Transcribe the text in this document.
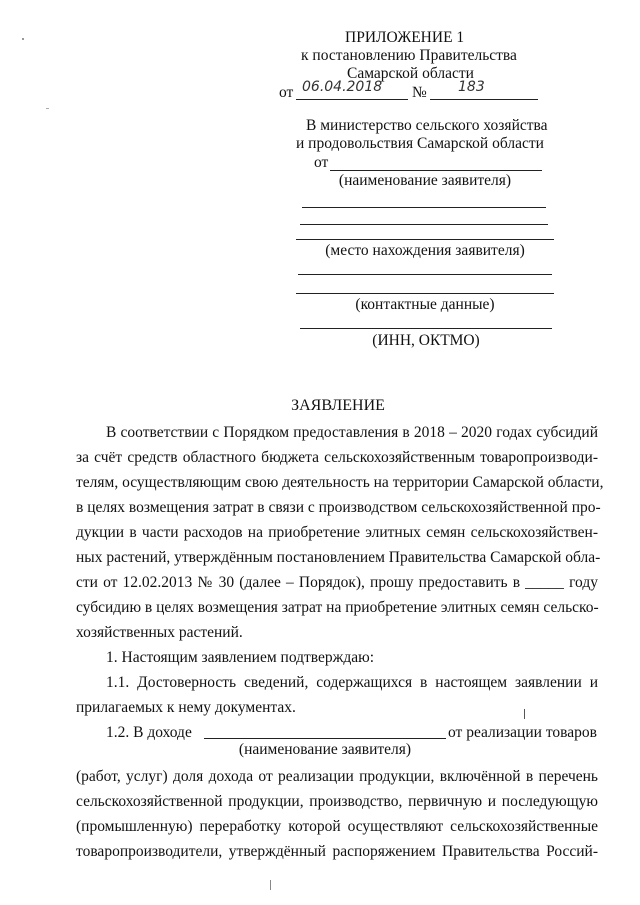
ПРИЛОЖЕНИЕ 1
к постановлению Правительства
Самарской области
от 06.04.2018 № 183
В министерство сельского хозяйства
и продовольствия Самарской области
от
(наименование заявителя)
(место нахождения заявителя)
(контактные данные)
(ИНН, ОКТМО)
ЗАЯВЛЕНИЕ
В соответствии с Порядком предоставления в 2018 – 2020 годах субсидий
за счёт средств областного бюджета сельскохозяйственным товаропроизводи-
телям, осуществляющим свою деятельность на территории Самарской области,
в целях возмещения затрат в связи с производством сельскохозяйственной про-
дукции в части расходов на приобретение элитных семян сельскохозяйствен-
ных растений, утверждённым постановлением Правительства Самарской обла-
сти от 12.02.2013 № 30 (далее – Порядок), прошу предоставить в _____ году
субсидию в целях возмещения затрат на приобретение элитных семян сельско-
хозяйственных растений.
1. Настоящим заявлением подтверждаю:
1.1. Достоверность сведений, содержащихся в настоящем заявлении и
прилагаемых к нему документах.
1.2. В доходе	от реализации товаров
(наименование заявителя)
(работ, услуг) доля дохода от реализации продукции, включённой в перечень
сельскохозяйственной продукции, производство, первичную и последующую
(промышленную) переработку которой осуществляют сельскохозяйственные
товаропроизводители, утверждённый распоряжением Правительства Россий-
